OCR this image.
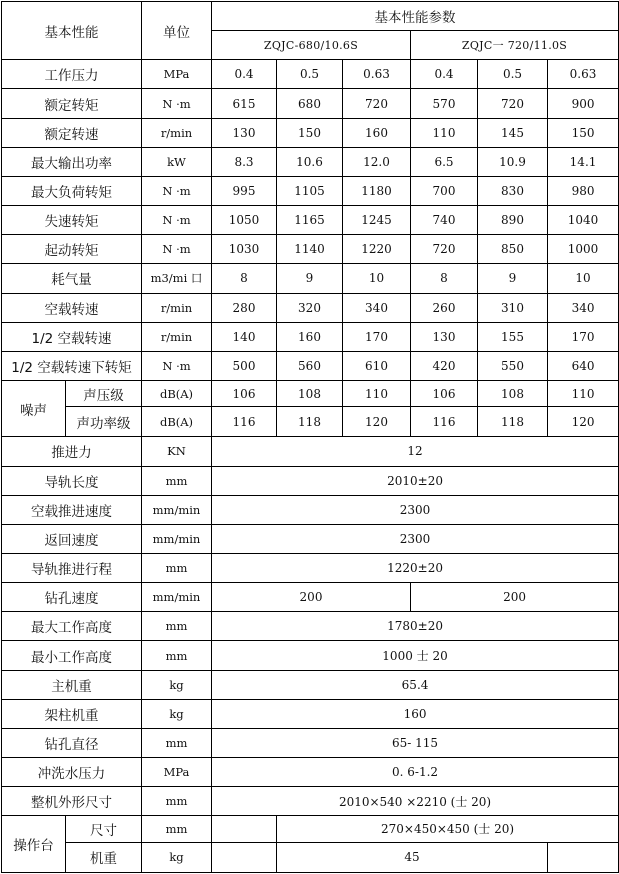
基本性能		单位	基本性能参数					
			ZQJC-680/10.6S			ZQJC一 720/11.0S		
工作压力		MPa	0.4	0.5	0.63	0.4	0.5	0.63
额定转矩		N ·m	615	680	720	570	720	900
额定转速		r/min	130	150	160	110	145	150
最大输出功率		kW	8.3	10.6	12.0	6.5	10.9	14.1
最大负荷转矩		N ·m	995	1105	1180	700	830	980
失速转矩		N ·m	1050	1165	1245	740	890	1040
起动转矩		N ·m	1030	1140	1220	720	850	1000
耗气量		m3/mi 口	8	9	10	8	9	10
空载转速		r/min	280	320	340	260	310	340
1/2 空载转速		r/min	140	160	170	130	155	170
1/2 空载转速下转矩		N ·m	500	560	610	420	550	640
噪声	声压级	dB(A)	106	108	110	106	108	110
	声功率级	dB(A)	116	118	120	116	118	120
推进力		KN	12					
导轨长度		mm	2010±20					
空载推进速度		mm/min	2300					
返回速度		mm/min	2300					
导轨推进行程		mm	1220±20					
钻孔速度		mm/min	200			200		
最大工作高度		mm	1780±20					
最小工作高度		mm	1000 士 20					
主机重		kg	65.4					
架柱机重		kg	160					
钻孔直径		mm	65- 115					
冲洗水压力		MPa	0. 6-1.2					
整机外形尺寸		mm	2010×540 ×2210 (士 20)					
操作台	尺寸	mm		270×450×450 (士 20)				
	机重	kg		45				
